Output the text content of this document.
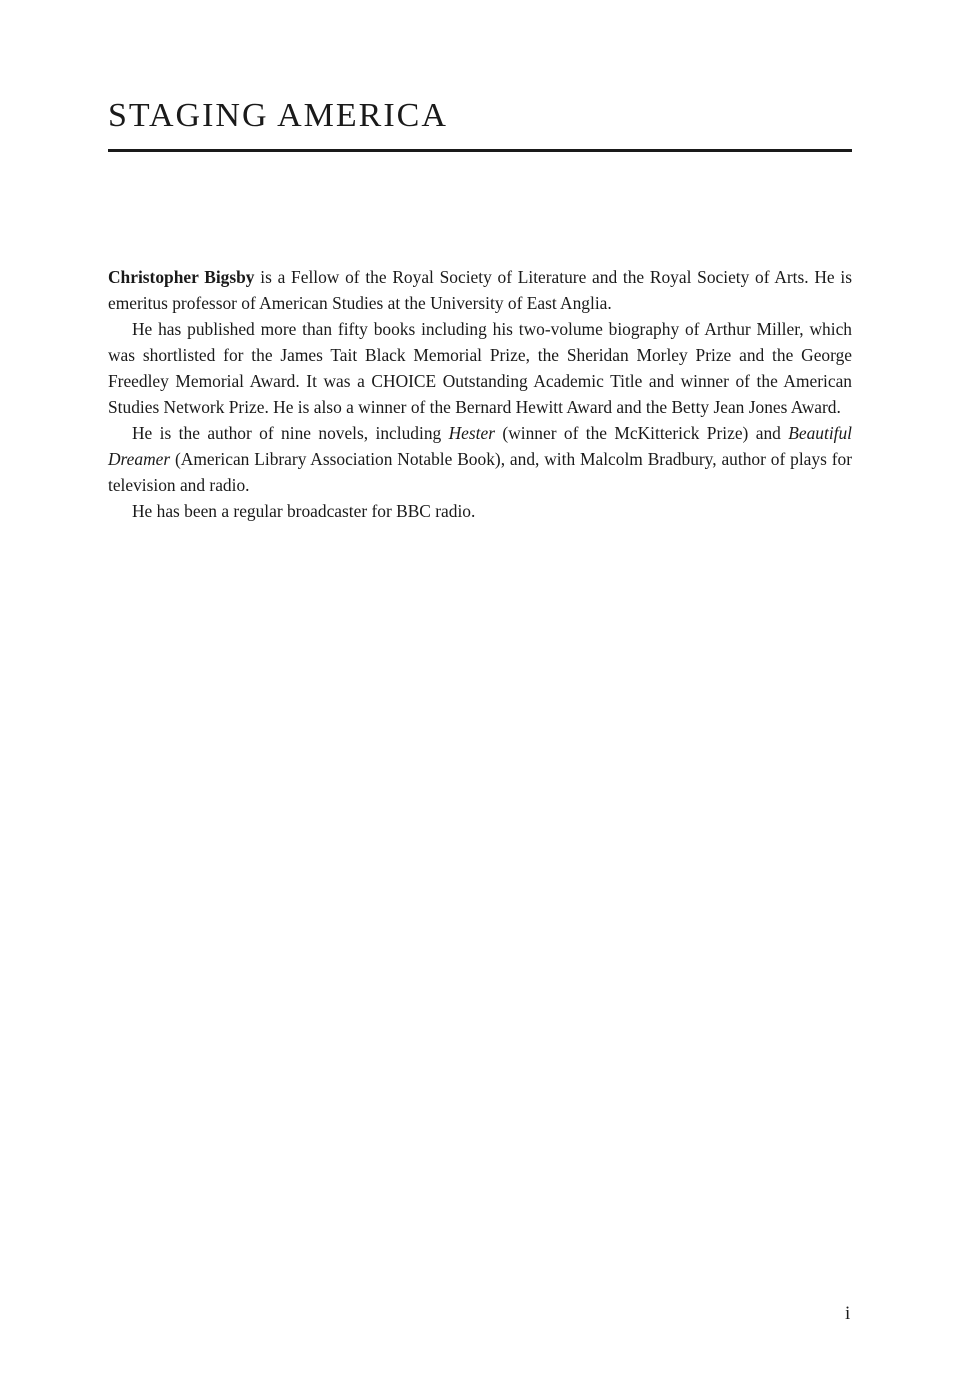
STAGING AMERICA

Christopher Bigsby is a Fellow of the Royal Society of Literature and the Royal Society of Arts. He is emeritus professor of American Studies at the University of East Anglia.

He has published more than fifty books including his two-volume biography of Arthur Miller, which was shortlisted for the James Tait Black Memorial Prize, the Sheridan Morley Prize and the George Freedley Memorial Award. It was a CHOICE Outstanding Academic Title and winner of the American Studies Network Prize. He is also a winner of the Bernard Hewitt Award and the Betty Jean Jones Award.

He is the author of nine novels, including Hester (winner of the McKitterick Prize) and Beautiful Dreamer (American Library Association Notable Book), and, with Malcolm Bradbury, author of plays for television and radio.

He has been a regular broadcaster for BBC radio.

i
